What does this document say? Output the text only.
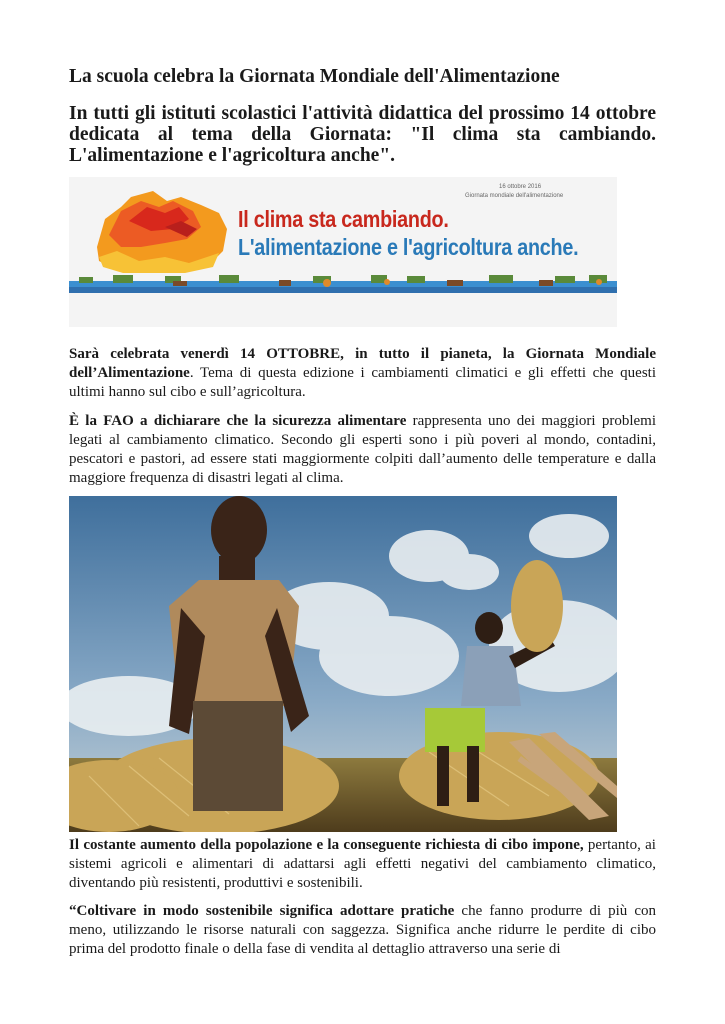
La scuola celebra la Giornata Mondiale dell'Alimentazione
In tutti gli istituti scolastici l'attività didattica del prossimo 14 ottobre dedicata al tema della Giornata: "Il clima sta cambiando. L'alimentazione e l'agricoltura anche".
16 ottobre 2016
Giornata mondiale dell'alimentazione
Il clima sta cambiando.
L'alimentazione e l'agricoltura anche.

Sarà celebrata venerdì 14 OTTOBRE, in tutto il pianeta, la Giornata Mondiale dell’Alimentazione. Tema di questa edizione i cambiamenti climatici e gli effetti che questi ultimi hanno sul cibo e sull’agricoltura.

È la FAO a dichiarare che la sicurezza alimentare rappresenta uno dei maggiori problemi legati al cambiamento climatico. Secondo gli esperti sono i più poveri al mondo, contadini, pescatori e pastori, ad essere stati maggiormente colpiti dall’aumento delle temperature e dalla maggiore frequenza di disastri legati al clima.

Il costante aumento della popolazione e la conseguente richiesta di cibo impone, pertanto, ai sistemi agricoli e alimentari di adattarsi agli effetti negativi del cambiamento climatico, diventando più resistenti, produttivi e sostenibili.

“Coltivare in modo sostenibile significa adottare pratiche che fanno produrre di più con meno, utilizzando le risorse naturali con saggezza. Significa anche ridurre le perdite di cibo prima del prodotto finale o della fase di vendita al dettaglio attraverso una serie di
